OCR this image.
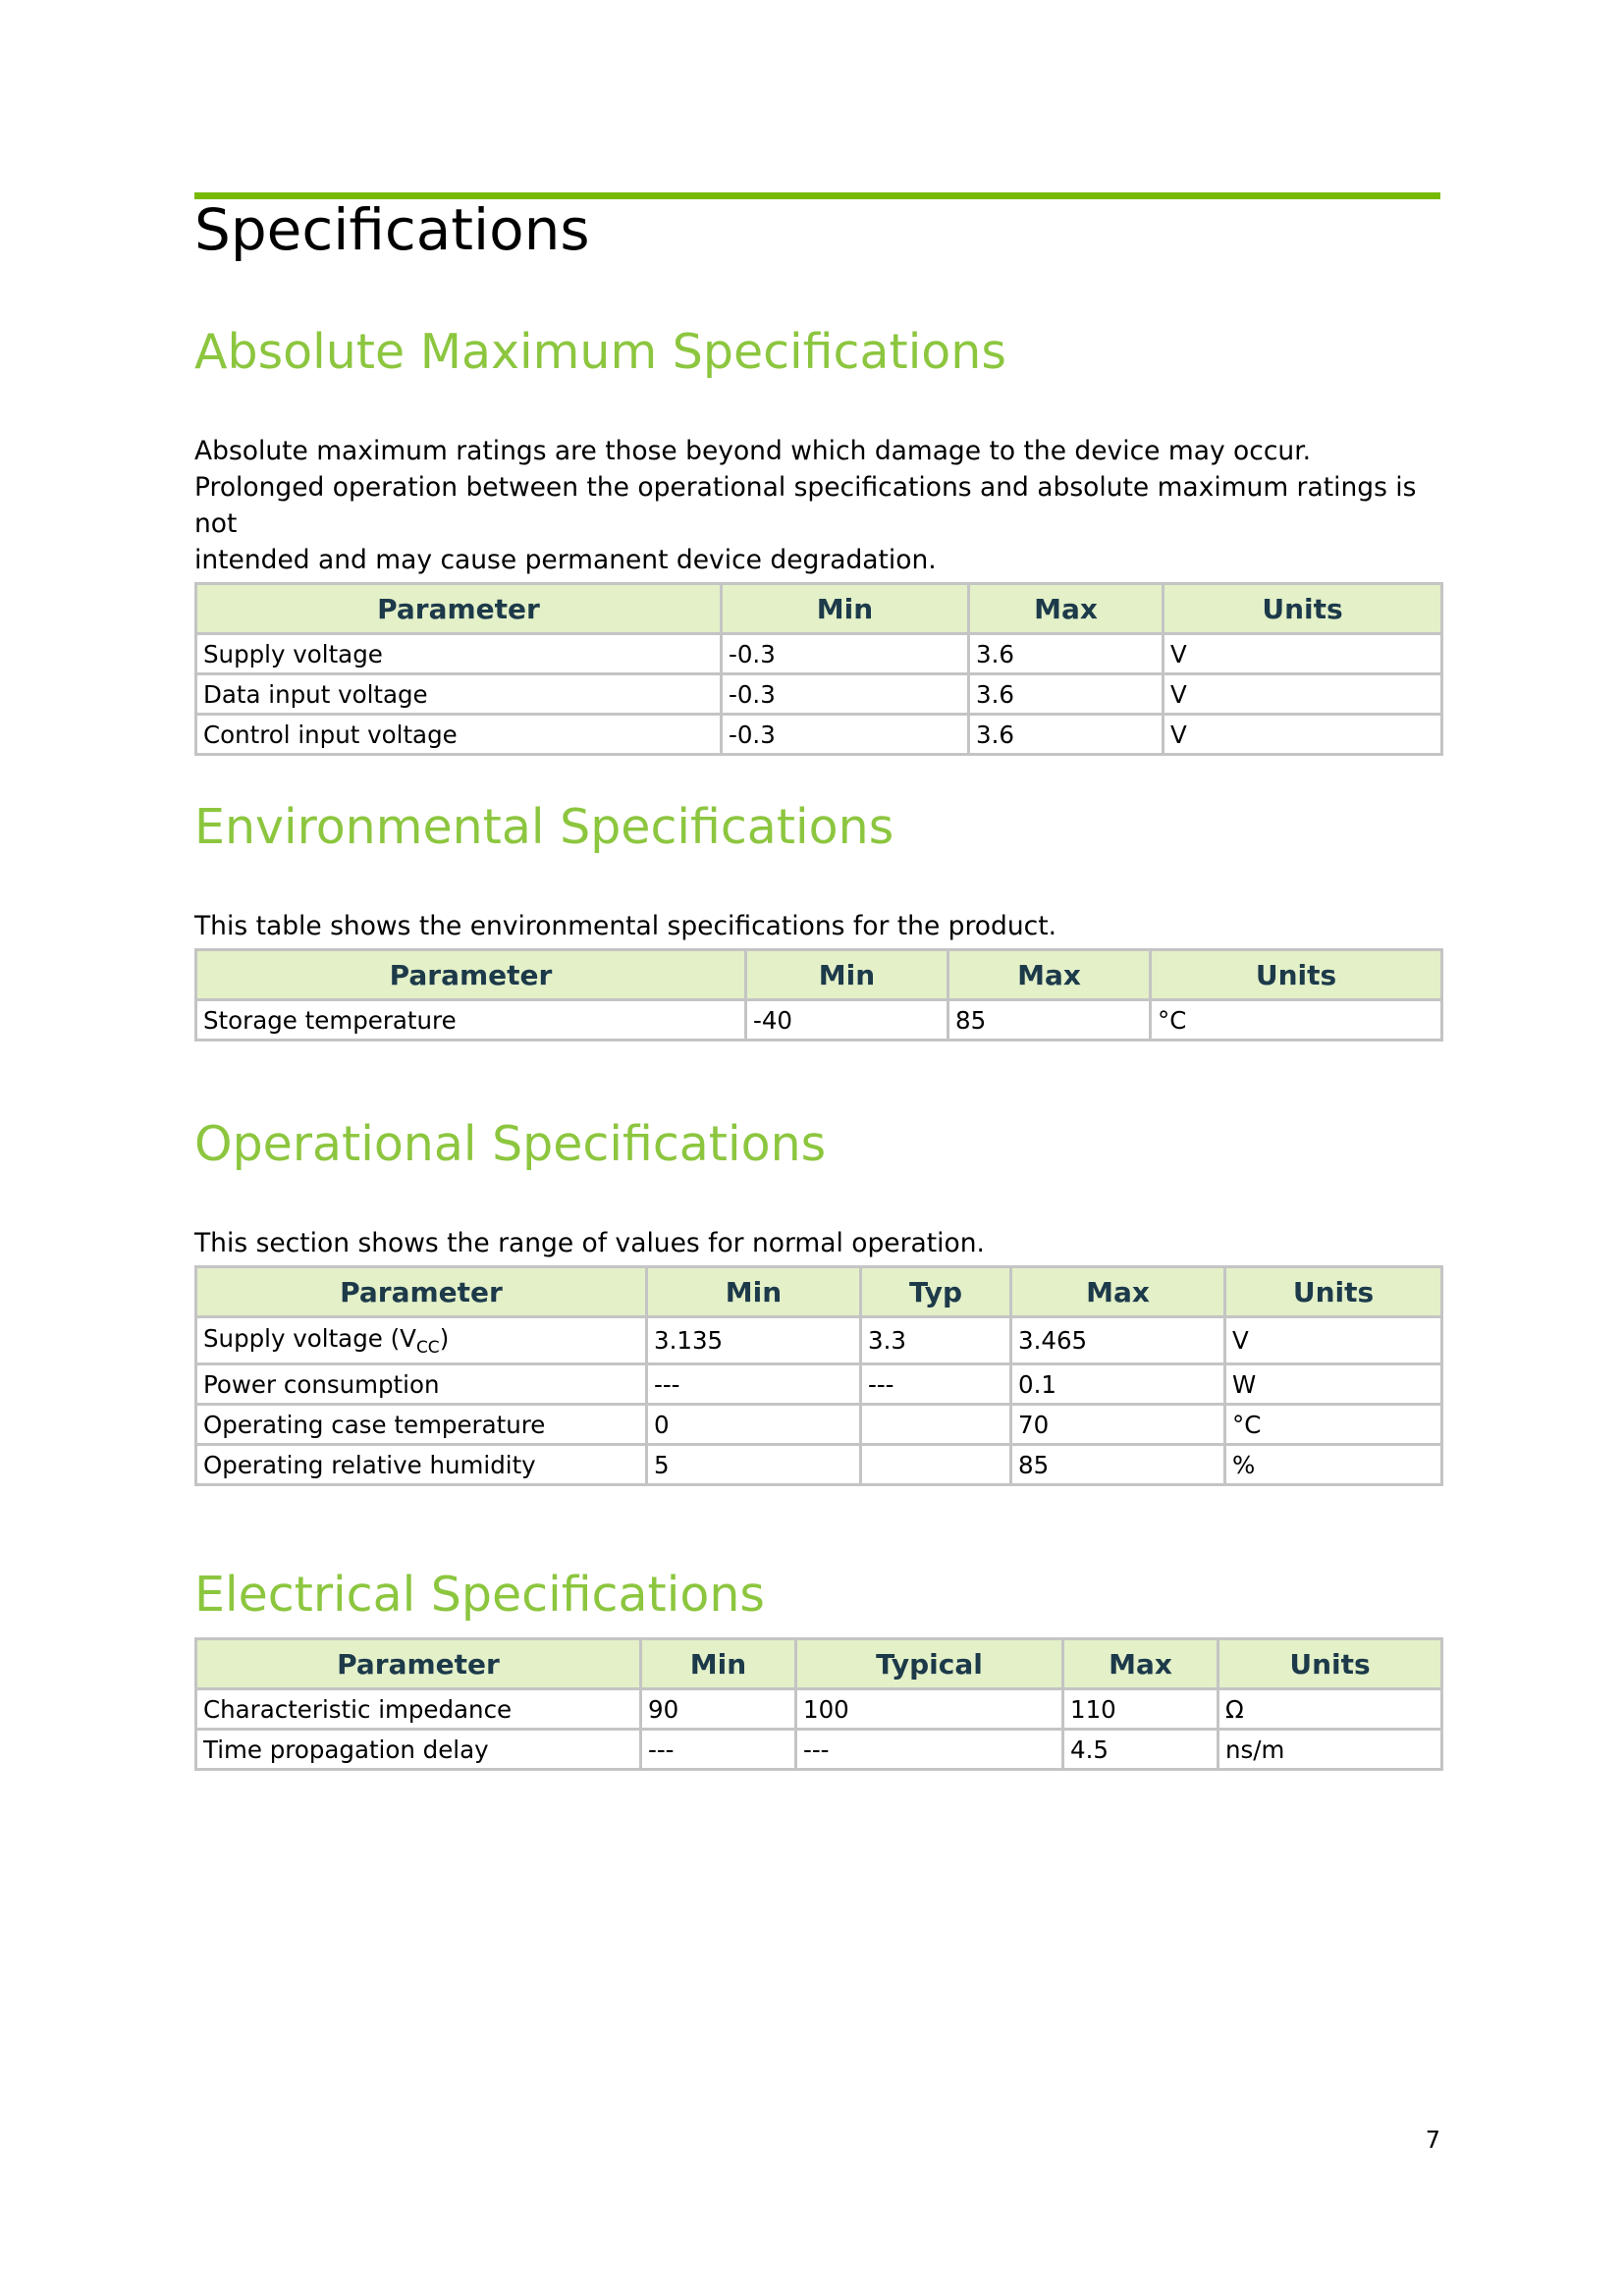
Specifications
Absolute Maximum Specifications

Absolute maximum ratings are those beyond which damage to the device may occur.

Prolonged operation between the operational specifications and absolute maximum ratings is not

intended and may cause permanent device degradation.

Parameter	Min	Max	Units
Supply voltage	-0.3	3.6	V
Data input voltage	-0.3	3.6	V
Control input voltage	-0.3	3.6	V
Environmental Specifications

This table shows the environmental specifications for the product.

Parameter	Min	Max	Units
Storage temperature	-40	85	°C
Operational Specifications

This section shows the range of values for normal operation.

Parameter	Min	Typ	Max	Units
Supply voltage $(V_{CC})$	3.135	3.3	3.465	V
Power consumption	---	---	0.1	W
Operating case temperature	0		70	°C
Operating relative humidity	5		85	%
Electrical Specifications
Parameter	Min	Typical	Max	Units
Characteristic impedance	90	100	110	Ω
Time propagation delay	---	---	4.5	ns/m
7
